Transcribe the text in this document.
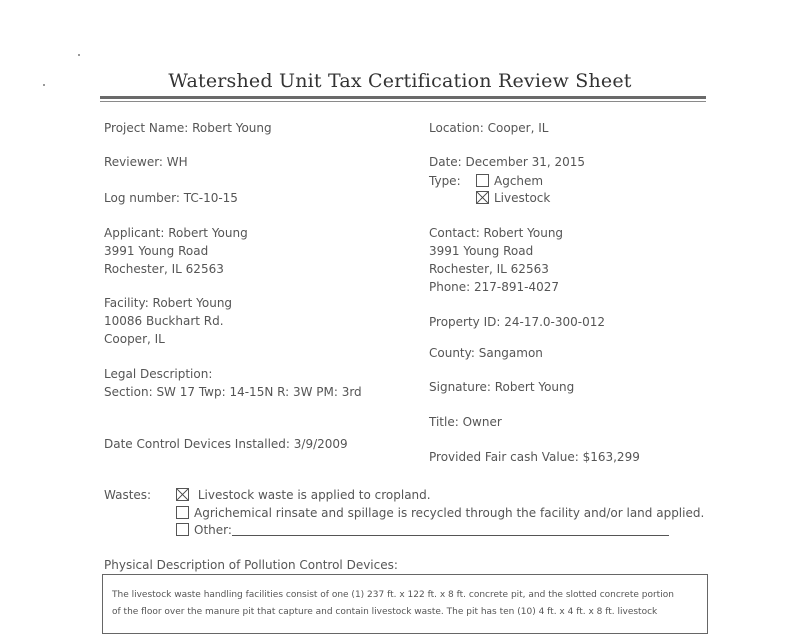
Watershed Unit Tax Certification Review Sheet
Project Name: Robert Young
Reviewer: WH
Log number: TC-10-15
Applicant: Robert Young
3991 Young Road
Rochester, IL 62563
Facility: Robert Young
10086 Buckhart Rd.
Cooper, IL
Legal Description:
Section: SW 17 Twp: 14-15N R: 3W PM: 3rd
Date Control Devices Installed: 3/9/2009
Location: Cooper, IL
Date: December 31, 2015
Type:	Agchem
Livestock
Contact: Robert Young
3991 Young Road
Rochester, IL 62563
Phone: 217-891-4027
Property ID: 24-17.0-300-012
County: Sangamon
Signature: Robert Young
Title: Owner
Provided Fair cash Value: $163,299
Wastes:	Livestock waste is applied to cropland.
Agrichemical rinsate and spillage is recycled through the facility and/or land applied.
Other:
Physical Description of Pollution Control Devices:
The livestock waste handling facilities consist of one (1) 237 ft. x 122 ft. x 8 ft. concrete pit, and the slotted concrete portion
of the floor over the manure pit that capture and contain livestock waste. The pit has ten (10) 4 ft. x 4 ft. x 8 ft. livestock
